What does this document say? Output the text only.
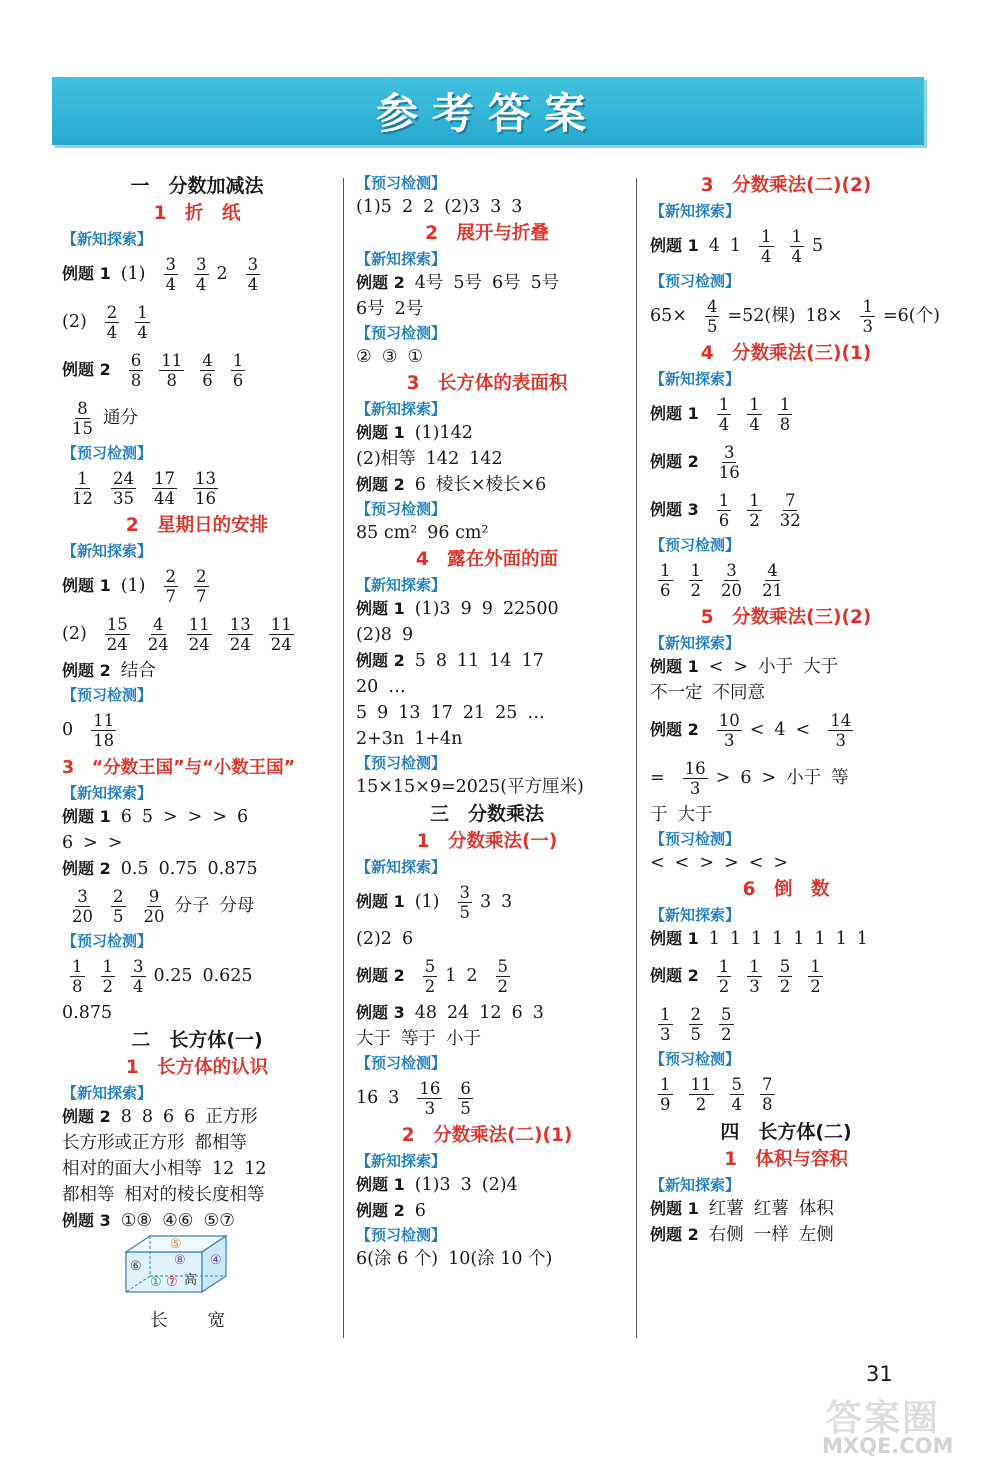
参考答案
一　分数加减法
1　折　纸
【新知探索】
例题 1 $(1) \frac{3}{4} \frac{3}{4} 2 \frac{3}{4}$
$(2) \frac{2}{4} \frac{1}{4}$
例题 $2 \frac{6}{8} \frac{11}{8} \frac{4}{6} \frac{1}{6}$
$\frac{8}{15}$ 通分
【预习检测】
$\frac{1}{12} \frac{24}{35} \frac{17}{44} \frac{13}{16}$
2　星期日的安排
【新知探索】
例题 1 $(1) \frac{2}{7} \frac{2}{7}$
$(2) \frac{15}{24} \frac{4}{24} \frac{11}{24} \frac{13}{24} \frac{11}{24}$
例题 2 结合
【预习检测】
$0 \frac{11}{18}$
3　“分数王国”与“小数王国”
【新知探索】
例题 1 6 5 > > > 6
6 > >
例题 2 0.5 0.75 0.875
$\frac{3}{20} \frac{2}{5} \frac{9}{20}$ 分子 分母
【预习检测】
$\frac{1}{8} \frac{1}{2} \frac{3}{4} 0.25$ 0.625
0.875
二　长方体(一)
1　长方体的认识
【新知探索】
例题 2 8 8 6 6 正方形
长方形或正方形 都相等
相对的面大小相等 12 12
都相等 相对的棱长度相等
例题 3 ①⑧ ④⑥ ⑤⑦
⑤
⑧
⑥	④
① ⑦ 高
长 宽
【预习检测】
(1)5 2 2 (2)3 3 3
2　展开与折叠
【新知探索】
例题 2 4号 5号 6号 5号
6号 2号
【预习检测】
② ③ ①
3　长方体的表面积
【新知探索】
例题 1 (1)142
(2)相等 142 142
例题 2 6 棱长×棱长×6
【预习检测】
85 cm² 96 cm²
4　露在外面的面
【新知探索】
例题 1 (1)3 9 9 22500
(2)8 9
例题 2 5 8 11 14 17
20 …
5 9 13 17 21 25 …
2+3n 1+4n
【预习检测】
15×15×9=2025(平方厘米)
三　分数乘法
1　分数乘法(一)
【新知探索】
例题 1 $(1) \frac{3}{5} 3$ 3
(2)2 6
例题 $2 \frac{5}{2} 1$ $2 \frac{5}{2}$
例题 3 48 24 12 6 3
大于 等于 小于
【预习检测】
16 $3 \frac{16}{3} \frac{6}{5}$
2　分数乘法(二)(1)
【新知探索】
例题 1 (1)3 3 (2)4
例题 2 6
【预习检测】
6(涂 6 个) 10(涂 10 个)
3　分数乘法(二)(2)
【新知探索】
例题 1 4 $1 \frac{1}{4} \frac{1}{4} 5$
【预习检测】
$65\times \frac{4}{5} =52$(棵) $18\times \frac{1}{3} =6$(个)
4　分数乘法(三)(1)
【新知探索】
例题 $1 \frac{1}{4} \frac{1}{4} \frac{1}{8}$
例题 $2 \frac{3}{16}$
例题 $3 \frac{1}{6} \frac{1}{2} \frac{7}{32}$
【预习检测】
$\frac{1}{6} \frac{1}{2} \frac{3}{20} \frac{4}{21}$
5　分数乘法(三)(2)
【新知探索】
例题 1 < > 小于 大于
不一定 不同意
例题 $2 \frac{10}{3} < 4 < \frac{14}{3}$
= $\frac{16}{3} > 6$ > 小于 等
于 大于
【预习检测】
< < > > < >
6　倒　数
【新知探索】
例题 1 1 1 1 1 1 1 1 1
例题 $2 \frac{1}{2} \frac{1}{3} \frac{5}{2} \frac{1}{2}$
$\frac{1}{3} \frac{2}{5} \frac{5}{2}$
【预习检测】
$\frac{1}{9} \frac{11}{2} \frac{5}{4} \frac{7}{8}$
四　长方体(二)
1　体积与容积
【新知探索】
例题 1 红薯 红薯 体积
例题 2 右侧 一样 左侧
31
答案圈
MXQE.COM
